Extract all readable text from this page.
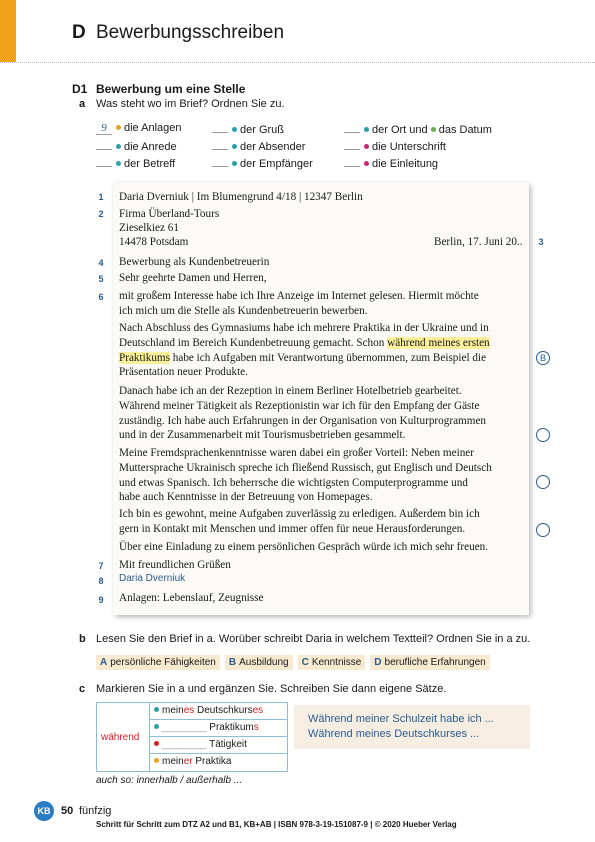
D Bewerbungsschreiben
D1 Bewerbung um eine Stelle
a Was steht wo im Brief? Ordnen Sie zu.
9 die Anlagen	der Gruß	der Ort und das Datum
die Anrede	der Absender	die Unterschrift
der Betreff	der Empfänger	die Einleitung
1 Daria Dverniuk | Im Blumengrund 4/18 | 12347 Berlin
2 Firma Überland-Tours
Zieselkiez 61
14478 Potsdam	Berlin, 17. Juni 20.. 3
4 Bewerbung als Kundenbetreuerin
5 Sehr geehrte Damen und Herren,
6 mit großem Interesse habe ich Ihre Anzeige im Internet gelesen. Hiermit möchte
ich mich um die Stelle als Kundenbetreuerin bewerben.
Nach Abschluss des Gymnasiums habe ich mehrere Praktika in der Ukraine und in
Deutschland im Bereich Kundenbetreuung gemacht. Schon während meines ersten
Praktikums habe ich Aufgaben mit Verantwortung übernommen, zum Beispiel die
Präsentation neuer Produkte.
B
Danach habe ich an der Rezeption in einem Berliner Hotelbetrieb gearbeitet.
Während meiner Tätigkeit als Rezeptionistin war ich für den Empfang der Gäste
zuständig. Ich habe auch Erfahrungen in der Organisation von Kulturprogrammen
und in der Zusammenarbeit mit Tourismusbetrieben gesammelt.
Meine Fremdsprachenkenntnisse waren dabei ein großer Vorteil: Neben meiner
Muttersprache Ukrainisch spreche ich fließend Russisch, gut Englisch und Deutsch
und etwas Spanisch. Ich beherrsche die wichtigsten Computerprogramme und
habe auch Kenntnisse in der Betreuung von Homepages.
Ich bin es gewohnt, meine Aufgaben zuverlässig zu erledigen. Außerdem bin ich
gern in Kontakt mit Menschen und immer offen für neue Herausforderungen.
Über eine Einladung zu einem persönlichen Gespräch würde ich mich sehr freuen.
7 Mit freundlichen Grüßen
8 Daria Dverniuk
9 Anlagen: Lebenslauf, Zeugnisse
b Lesen Sie den Brief in a. Worüber schreibt Daria in welchem Textteil? Ordnen Sie in a zu.
A persönliche Fähigkeiten	B Ausbildung	C Kenntnisse	D berufliche Erfahrungen
c Markieren Sie in a und ergänzen Sie. Schreiben Sie dann eigene Sätze.
während
meines Deutschkurses
________ Praktikums
________ Tätigkeit
meiner Praktika
Während meiner Schulzeit habe ich ...
Während meines Deutschkurses ...
auch so: innerhalb / außerhalb ...
KB 50 fünfzig
Schritt für Schritt zum DTZ A2 und B1, KB+AB | ISBN 978-3-19-151087-9 | © 2020 Hueber Verlag
